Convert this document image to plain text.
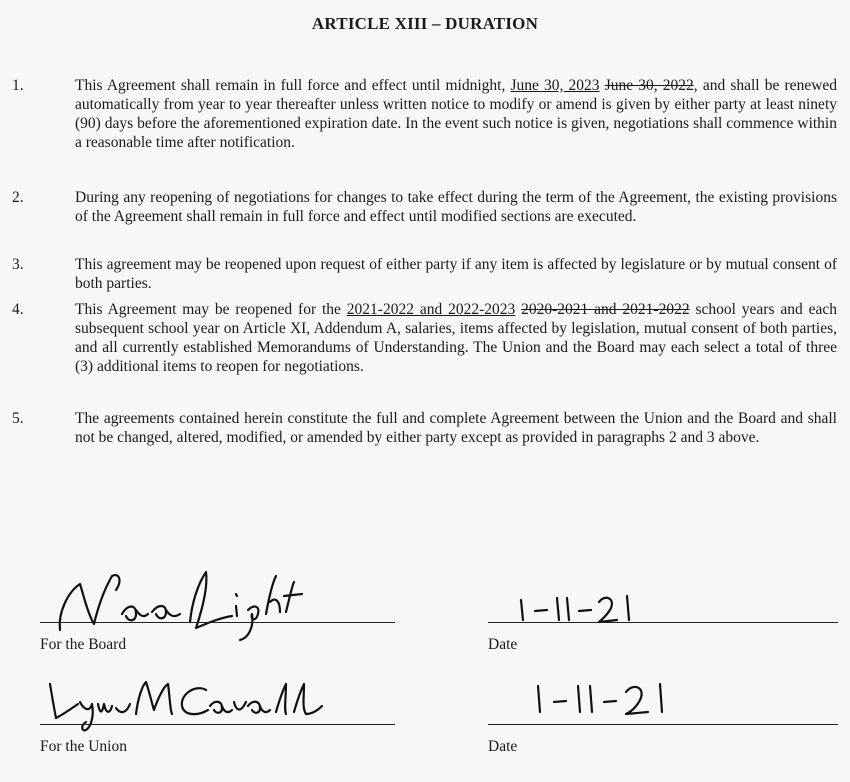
ARTICLE XIII – DURATION
1.	This Agreement shall remain in full force and effect until midnight, June 30, 2023 June 30, 2022, and shall be renewed automatically from year to year thereafter unless written notice to modify or amend is given by either party at least ninety (90) days before the aforementioned expiration date. In the event such notice is given, negotiations shall commence within a reasonable time after notification.
2.	During any reopening of negotiations for changes to take effect during the term of the Agreement, the existing provisions of the Agreement shall remain in full force and effect until modified sections are executed.
3.	This agreement may be reopened upon request of either party if any item is affected by legislature or by mutual consent of both parties.
4.	This Agreement may be reopened for the 2021-2022 and 2022-2023 2020-2021 and 2021-2022 school years and each subsequent school year on Article XI, Addendum A, salaries, items affected by legislation, mutual consent of both parties, and all currently established Memorandums of Understanding. The Union and the Board may each select a total of three (3) additional items to reopen for negotiations.
5.	The agreements contained herein constitute the full and complete Agreement between the Union and the Board and shall not be changed, altered, modified, or amended by either party except as provided in paragraphs 2 and 3 above.
For the Board	Date
For the Union	Date
